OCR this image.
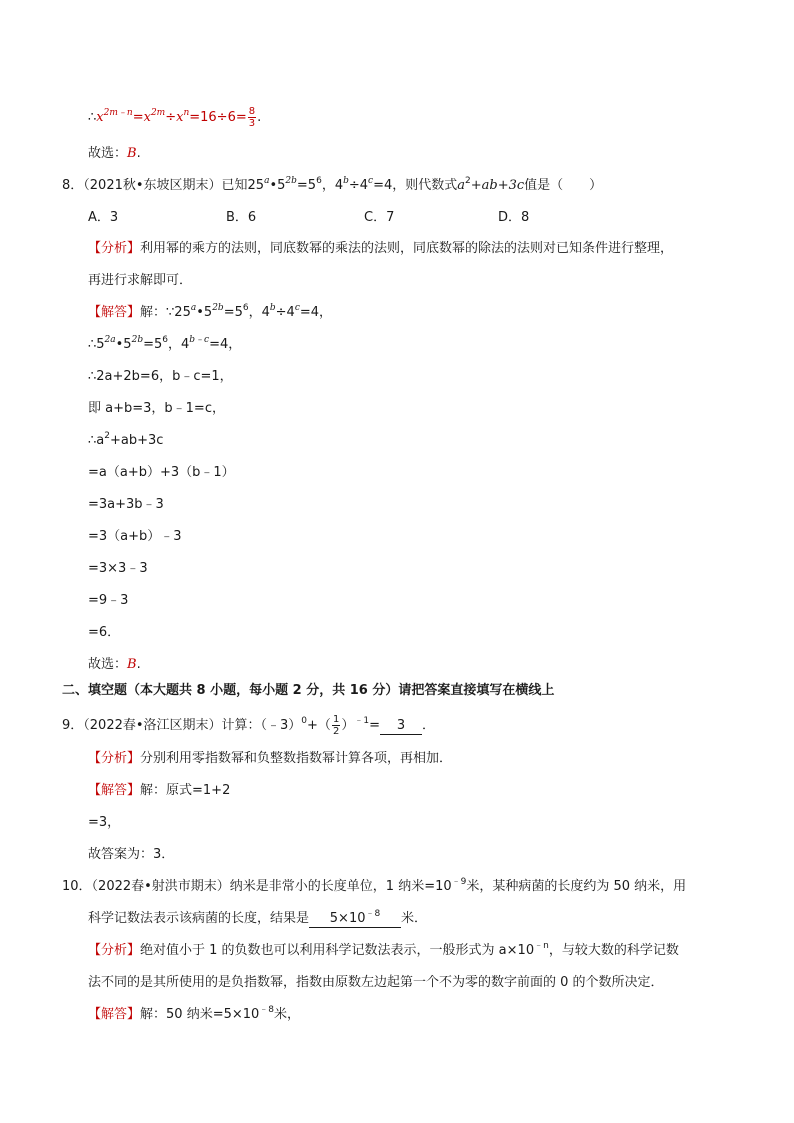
$\therefore x^{2m﹣n}=x^{2m}\div x^n=16\div 6= \frac{8}{3}$ .
故选：B.
8．（2021秋•东坡区期末）已知$25^a•5^{2b}=5^6$，$4^b\div 4^c=4$，则代数式$a^2+ab+3c$值是（　　）
A．3	B．6	C．7	D．8
【分析】利用幂的乘方的法则，同底数幂的乘法的法则，同底数幂的除法的法则对已知条件进行整理，
再进行求解即可．
【解答】解：$\because 25^a•5^{2b}=5^6$，$4^b\div 4^c=4$，
$\therefore 5^{2a}•5^{2b}=5^6$，$4^{b﹣c}=4$，
∴2a+2b=6，b﹣c=1，
即 a+b=3，b﹣1=c，
$\therefore a^2+ab+3c$
=a（a+b）+3（b﹣1）
=3a+3b﹣3
=3（a+b）﹣3
=3×3﹣3
=9﹣3
=6．
故选：B.
二、填空题（本大题共 8 小题，每小题 2 分，共 16 分）请把答案直接填写在横线上
9．（2022春•洛江区期末）计算：（﹣3）$^0$+（ $\frac{1}{2} )^{﹣1}= 3$ ．
【分析】分别利用零指数幂和负整数指数幂计算各项，再相加．
【解答】解：原式=1+2
=3，
故答案为：3．
10．（2022春•射洪市期末）纳米是非常小的长度单位，1 纳米$=10^{﹣9}$米，某种病菌的长度约为 50 纳米，用
科学记数法表示该病菌的长度，结果是 $5\times 10^{﹣8}$ 米．
【分析】绝对值小于 1 的负数也可以利用科学记数法表示，一般形式为 $a\times 10^{﹣n}$，与较大数的科学记数
法不同的是其所使用的是负指数幂，指数由原数左边起第一个不为零的数字前面的 0 的个数所决定．
【解答】解：50 纳米$=5\times 10^{﹣8}$米，
